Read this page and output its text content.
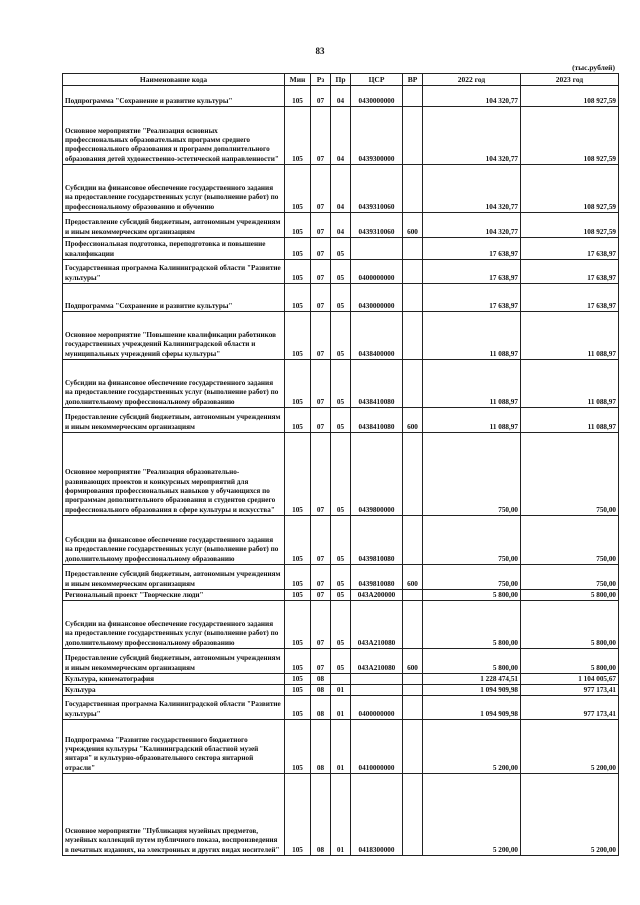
83
(тыс.рублей)
Наименование кода	Мин	Рз	Пр	ЦСР	ВР	2022 год	2023 год
Подпрограмма "Сохранение и развитие культуры"	105	07	04	0430000000		104 320,77	108 927,59
Основное мероприятие "Реализация основных профессиональных образовательных программ среднего профессионального образования и программ дополнительного образования детей художественно-эстетической направленности"	105	07	04	0439300000		104 320,77	108 927,59
Субсидии на финансовое обеспечение государственного задания на предоставление государственных услуг (выполнение работ) по профессиональному образованию и обучению	105	07	04	0439310060		104 320,77	108 927,59
Предоставление субсидий бюджетным, автономным учреждениям и иным некоммерческим организациям	105	07	04	0439310060	600	104 320,77	108 927,59
Профессиональная подготовка, переподготовка и повышение квалификации	105	07	05			17 638,97	17 638,97
Государственная программа Калининградской области "Развитие культуры"	105	07	05	0400000000		17 638,97	17 638,97
Подпрограмма "Сохранение и развитие культуры"	105	07	05	0430000000		17 638,97	17 638,97
Основное мероприятие "Повышение квалификации работников государственных учреждений Калининградской области и муниципальных учреждений сферы культуры"	105	07	05	0438400000		11 088,97	11 088,97
Субсидии на финансовое обеспечение государственного задания на предоставление государственных услуг (выполнение работ) по дополнительному профессиональному образованию	105	07	05	0438410080		11 088,97	11 088,97
Предоставление субсидий бюджетным, автономным учреждениям и иным некоммерческим организациям	105	07	05	0438410080	600	11 088,97	11 088,97
Основное мероприятие "Реализация образовательно-развивающих проектов и конкурсных мероприятий для формирования профессиональных навыков у обучающихся по программам дополнительного образования и студентов среднего профессионального образования в сфере культуры и искусства"	105	07	05	0439800000		750,00	750,00
Субсидии на финансовое обеспечение государственного задания на предоставление государственных услуг (выполнение работ) по дополнительному профессиональному образованию	105	07	05	0439810080		750,00	750,00
Предоставление субсидий бюджетным, автономным учреждениям и иным некоммерческим организациям	105	07	05	0439810080	600	750,00	750,00
Региональный проект "Творческие люди"	105	07	05	043А200000		5 800,00	5 800,00
Субсидии на финансовое обеспечение государственного задания на предоставление государственных услуг (выполнение работ) по дополнительному профессиональному образованию	105	07	05	043А210080		5 800,00	5 800,00
Предоставление субсидий бюджетным, автономным учреждениям и иным некоммерческим организациям	105	07	05	043А210080	600	5 800,00	5 800,00
Культура, кинематография	105	08				1 228 474,51	1 104 005,67
Культура	105	08	01			1 094 909,98	977 173,41
Государственная программа Калининградской области "Развитие культуры"	105	08	01	0400000000		1 094 909,98	977 173,41
Подпрограмма "Развитие государственного бюджетного учреждения культуры "Калининградский областной музей янтаря" и культурно-образовательного сектора янтарной отрасли"	105	08	01	0410000000		5 200,00	5 200,00
Основное мероприятие "Публикация музейных предметов, музейных коллекций путем публичного показа, воспроизведения в печатных изданиях, на электронных и других видах носителей"	105	08	01	0418300000		5 200,00	5 200,00
